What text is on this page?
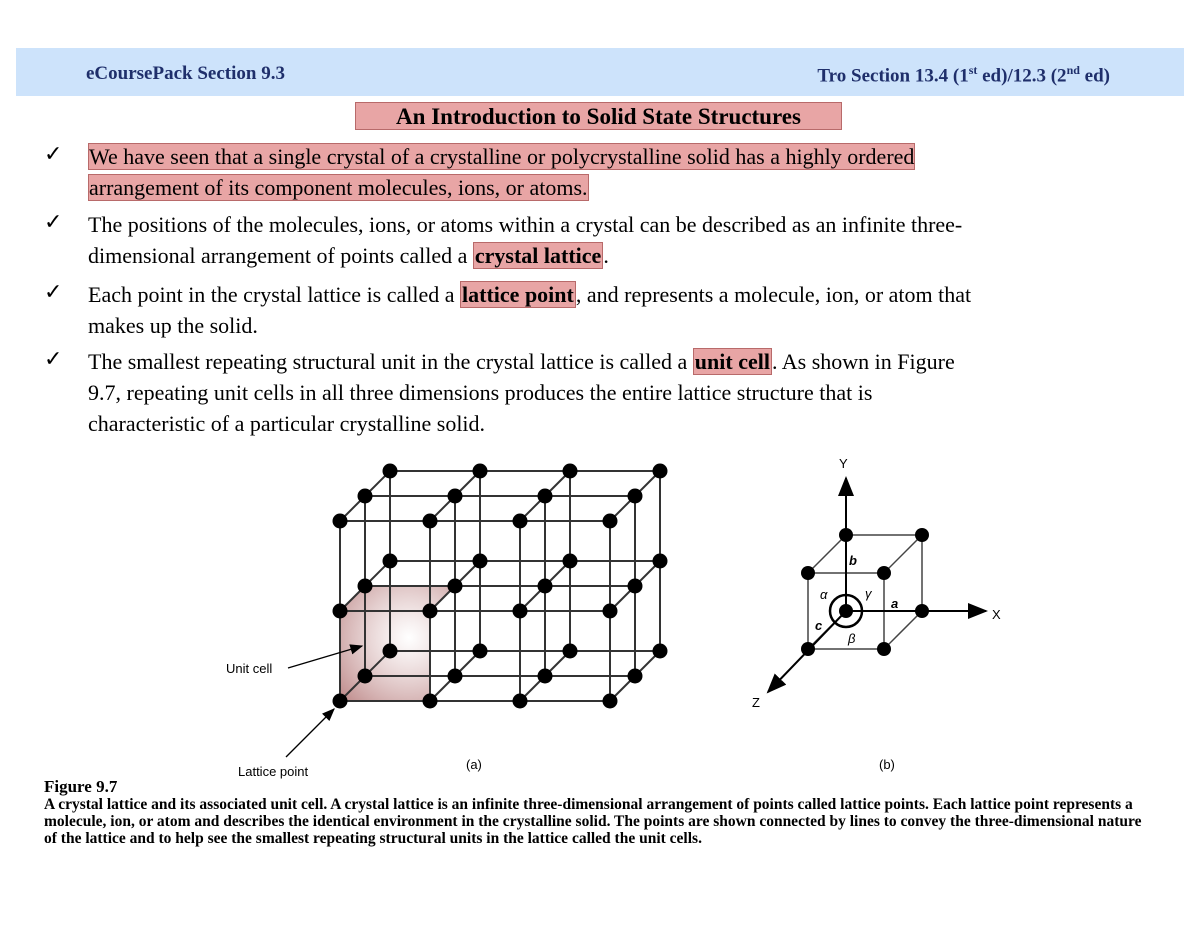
eCoursePack Section 9.3	Tro Section 13.4 (1st ed)/12.3 (2nd ed)
An Introduction to Solid State Structures
✓ We have seen that a single crystal of a crystalline or polycrystalline solid has a highly ordered
arrangement of its component molecules, ions, or atoms.
✓ The positions of the molecules, ions, or atoms within a crystal can be described as an infinite three-
dimensional arrangement of points called a crystal lattice.
✓ Each point in the crystal lattice is called a lattice point, and represents a molecule, ion, or atom that
makes up the solid.
✓ The smallest repeating structural unit in the crystal lattice is called a unit cell. As shown in Figure
9.7, repeating unit cells in all three dimensions produces the entire lattice structure that is
characteristic of a particular crystalline solid.
Unit cell
Lattice point	(a)	(b)
Y
X
Z
b
a
c
α	γ
β
Figure 9.7
A crystal lattice and its associated unit cell. A crystal lattice is an infinite three-dimensional arrangement of points called lattice points. Each lattice point represents a molecule, ion, or atom and describes the identical environment in the crystalline solid. The points are shown connected by lines to convey the three-dimensional nature of the lattice and to help see the smallest repeating structural units in the lattice called the unit cells.
